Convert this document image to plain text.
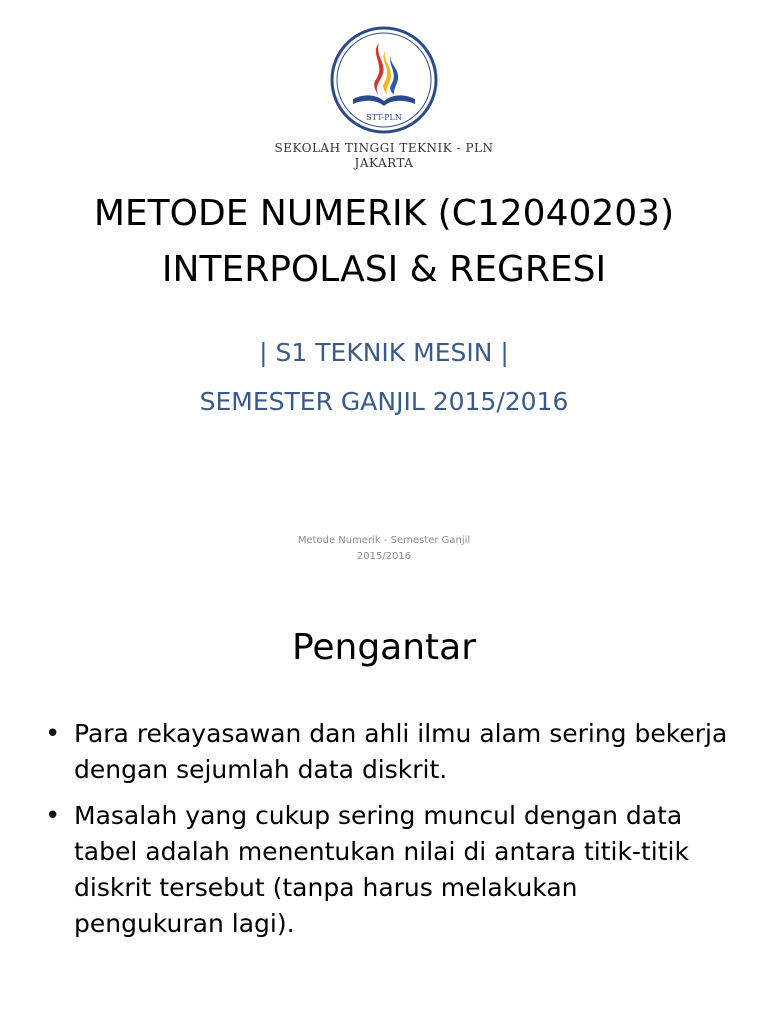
STT-PLN
SEKOLAH TINGGI TEKNIK - PLN
JAKARTA
METODE NUMERIK (C12040203)
INTERPOLASI & REGRESI
| S1 TEKNIK MESIN |
SEMESTER GANJIL 2015/2016
Metode Numerik - Semester Ganjil
2015/2016
Pengantar
• Para rekayasawan dan ahli ilmu alam sering bekerja dengan sejumlah data diskrit.
• Masalah yang cukup sering muncul dengan data tabel adalah menentukan nilai di antara titik-titik diskrit tersebut (tanpa harus melakukan pengukuran lagi).
